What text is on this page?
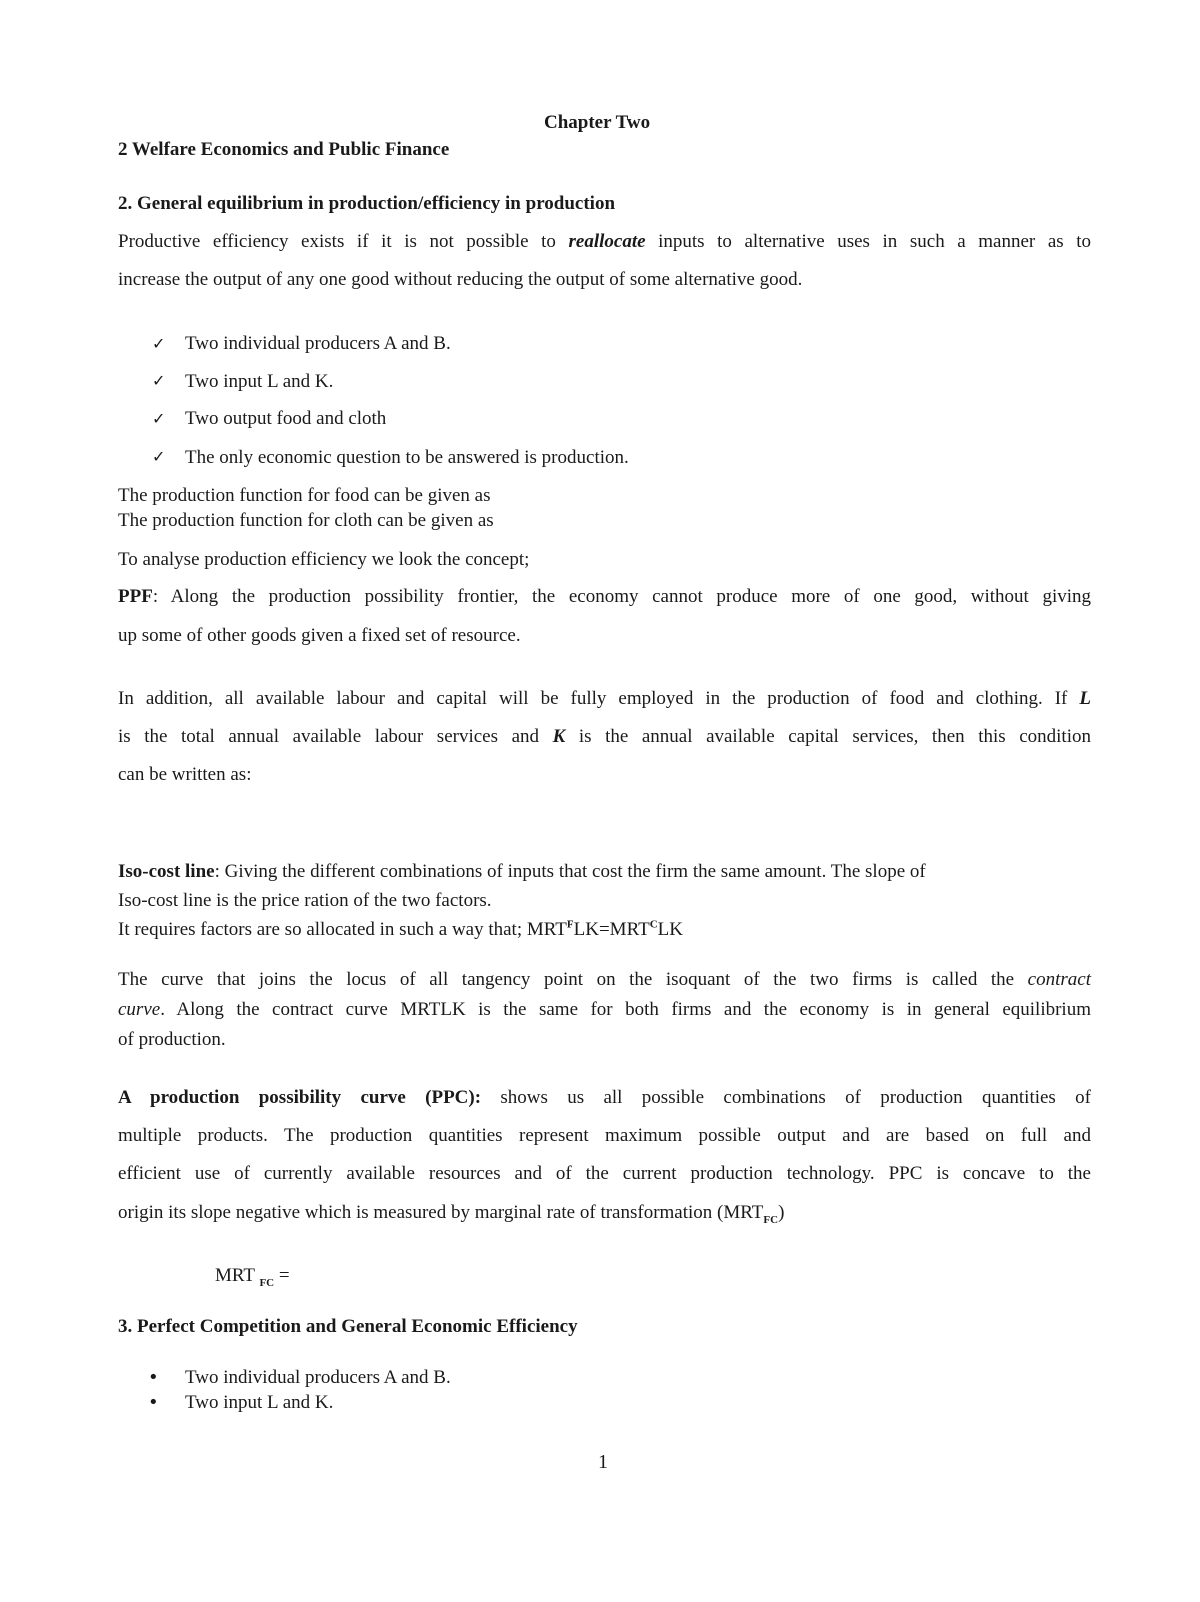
Chapter Two
2 Welfare Economics and Public Finance
2. General equilibrium in production/efficiency in production
Productive efficiency exists if it is not possible to reallocate inputs to alternative uses in such a manner as to
increase the output of any one good without reducing the output of some alternative good.
✓ Two individual producers A and B.
✓ Two input L and K.
✓ Two output food and cloth
✓ The only economic question to be answered is production.
The production function for food can be given as
The production function for cloth can be given as
To analyse production efficiency we look the concept;
PPF: Along the production possibility frontier, the economy cannot produce more of one good, without giving
up some of other goods given a fixed set of resource.
In addition, all available labour and capital will be fully employed in the production of food and clothing. If L
is the total annual available labour services and K is the annual available capital services, then this condition
can be written as:
Iso-cost line: Giving the different combinations of inputs that cost the firm the same amount. The slope of
Iso-cost line is the price ration of the two factors.
It requires factors are so allocated in such a way that; $MRT^FLK=MRT^CLK$
The curve that joins the locus of all tangency point on the isoquant of the two firms is called the contract
curve. Along the contract curve MRTLK is the same for both firms and the economy is in general equilibrium
of production.
A production possibility curve (PPC): shows us all possible combinations of production quantities of
multiple products. The production quantities represent maximum possible output and are based on full and
efficient use of currently available resources and of the current production technology. PPC is concave to the
origin its slope negative which is measured by marginal rate of transformation $(MRT_{FC})$
MRT $_{FC}$ =
3. Perfect Competition and General Economic Efficiency
• Two individual producers A and B.
• Two input L and K.
1
